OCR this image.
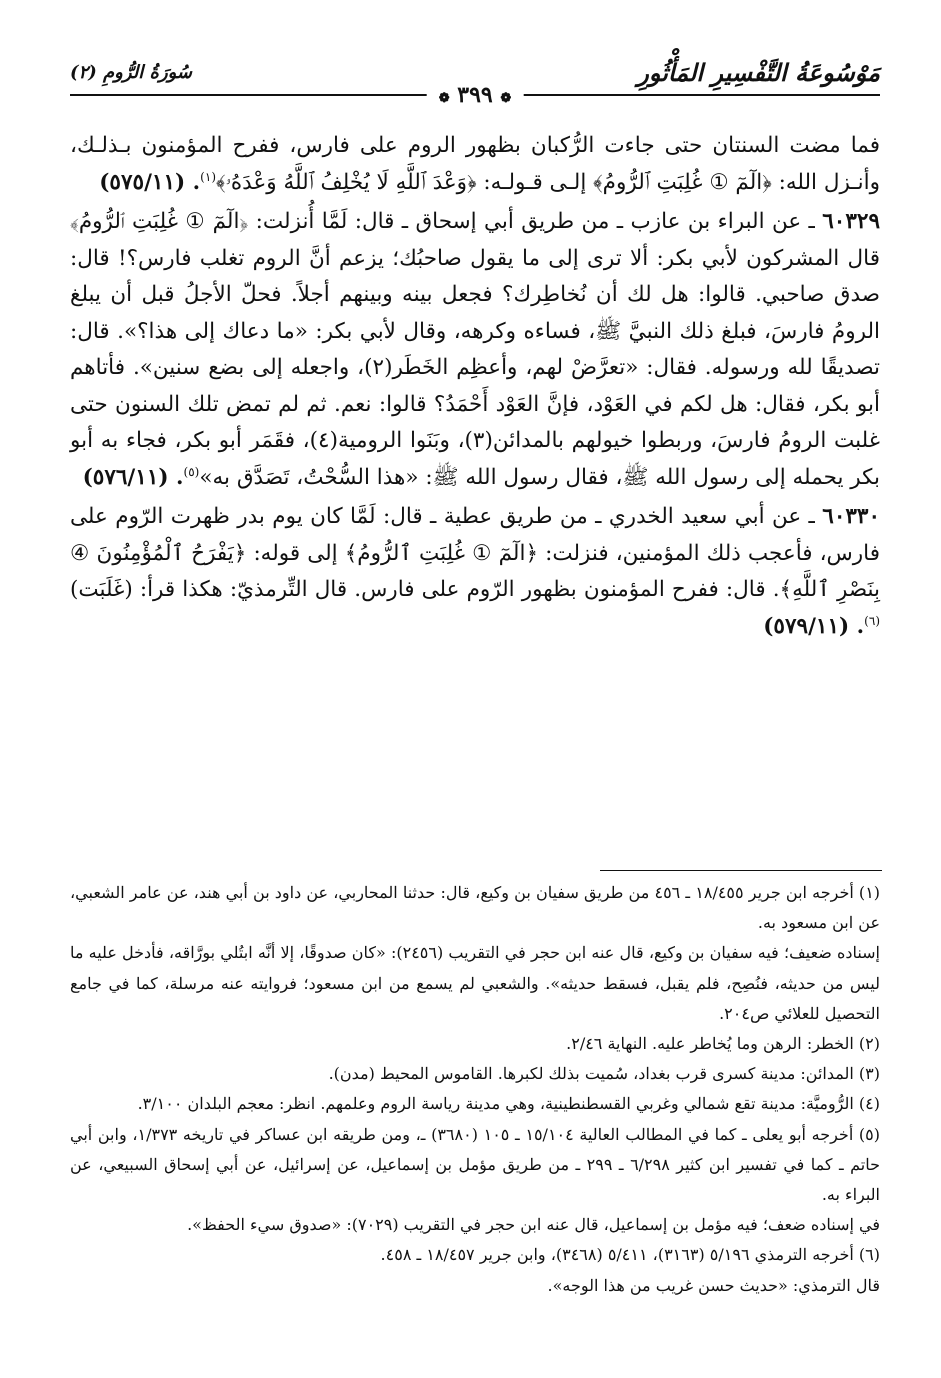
مَوْسُوعَةُ التَّفْسِيرِ المَأْثُورِ
سُورَةُ الرُّومِ (٢)
❁ ٣٩٩ ❁

فما مضت السنتان حتى جاءت الرُّكبان بظهور الروم على فارس، ففرح المؤمنون بـذلـك، وأنـزل الله: ﴿الٓمٓ ① غُلِبَتِ ٱلرُّومُ﴾ إلـى قـولـه: ﴿وَعْدَ ٱللَّهِ لَا يُخْلِفُ ٱللَّهُ وَعْدَهُۥ﴾$^{(١)}$. (٥٧٥/١١)

٦٠٣٢٩ ـ عن البراء بن عازب ـ من طريق أبي إسحاق ـ قال: لَمَّا أُنزلت: ﴿الٓمٓ ① غُلِبَتِ ٱلرُّومُ﴾ قال المشركون لأبي بكر: ألا ترى إلى ما يقول صاحبُك؛ يزعم أنَّ الروم تغلب فارس؟! قال: صدق صاحبي. قالوا: هل لك أن نُخاطِرك؟ فجعل بينه وبينهم أجلاً. فحلّ الأجلُ قبل أن يبلغ الرومُ فارسَ، فبلغ ذلك النبيَّ ﷺ، فساءه وكرهه، وقال لأبي بكر: «ما دعاك إلى هذا؟». قال: تصديقًا لله ورسوله. فقال: «تعرَّضْ لهم، وأعظِم الخَطَر(٢)، واجعله إلى بضع سنين». فأتاهم أبو بكر، فقال: هل لكم في العَوْد، فإنَّ العَوْد أَحْمَدُ؟ قالوا: نعم. ثم لم تمض تلك السنون حتى غلبت الرومُ فارسَ، وربطوا خيولهم بالمدائن(٣)، وبَنَوا الرومية(٤)، فقَمَر أبو بكر، فجاء به أبو بكر يحمله إلى رسول الله ﷺ، فقال رسول الله ﷺ: «هذا السُّحْتُ، تَصَدَّق به»$^{(٥)}$. (٥٧٦/١١)

٦٠٣٣٠ ـ عن أبي سعيد الخدري ـ من طريق عطية ـ قال: لَمَّا كان يوم بدر ظهرت الرّوم على فارس، فأعجب ذلك المؤمنين، فنزلت: ﴿الٓمٓ ① غُلِبَتِ ٱلرُّومُ﴾ إلى قوله: ﴿يَفْرَحُ ٱلْمُؤْمِنُونَ ④ بِنَصْرِ ٱللَّهِ﴾. قال: ففرح المؤمنون بظهور الرّوم على فارس. قال التِّرمذيّ: هكذا قرأ: (غَلَبَت)$^{(٦)}$. (٥٧٩/١١)

(١) أخرجه ابن جرير ١٨/٤٥٥ ـ ٤٥٦ من طريق سفيان بن وكيع، قال: حدثنا المحاربي، عن داود بن أبي هند، عن عامر الشعبي، عن ابن مسعود به.

إسناده ضعيف؛ فيه سفيان بن وكيع، قال عنه ابن حجر في التقريب (٢٤٥٦): «كان صدوقًا، إلا أنَّه ابتُلي بورَّاقه، فأدخل عليه ما ليس من حديثه، فنُصِح، فلم يقبل، فسقط حديثه». والشعبي لم يسمع من ابن مسعود؛ فروايته عنه مرسلة، كما في جامع التحصيل للعلائي ص٢٠٤.

(٢) الخطر: الرهن وما يُخاطر عليه. النهاية ٢/٤٦.

(٣) المدائن: مدينة كسرى قرب بغداد، سُميت بذلك لكبرها. القاموس المحيط (مدن).

(٤) الرُّوميَّة: مدينة تقع شمالي وغربي القسطنطينية، وهي مدينة رياسة الروم وعلمهم. انظر: معجم البلدان ٣/١٠٠.

(٥) أخرجه أبو يعلى ـ كما في المطالب العالية ١٥/١٠٤ ـ ١٠٥ (٣٦٨٠) ـ، ومن طريقه ابن عساكر في تاريخه ١/٣٧٣، وابن أبي حاتم ـ كما في تفسير ابن كثير ٦/٢٩٨ ـ ٢٩٩ ـ من طريق مؤمل بن إسماعيل، عن إسرائيل، عن أبي إسحاق السبيعي، عن البراء به.

في إسناده ضعف؛ فيه مؤمل بن إسماعيل، قال عنه ابن حجر في التقريب (٧٠٢٩): «صدوق سيء الحفظ».

(٦) أخرجه الترمذي ٥/١٩٦ (٣١٦٣)، ٥/٤١١ (٣٤٦٨)، وابن جرير ١٨/٤٥٧ ـ ٤٥٨.

قال الترمذي: «حديث حسن غريب من هذا الوجه».
